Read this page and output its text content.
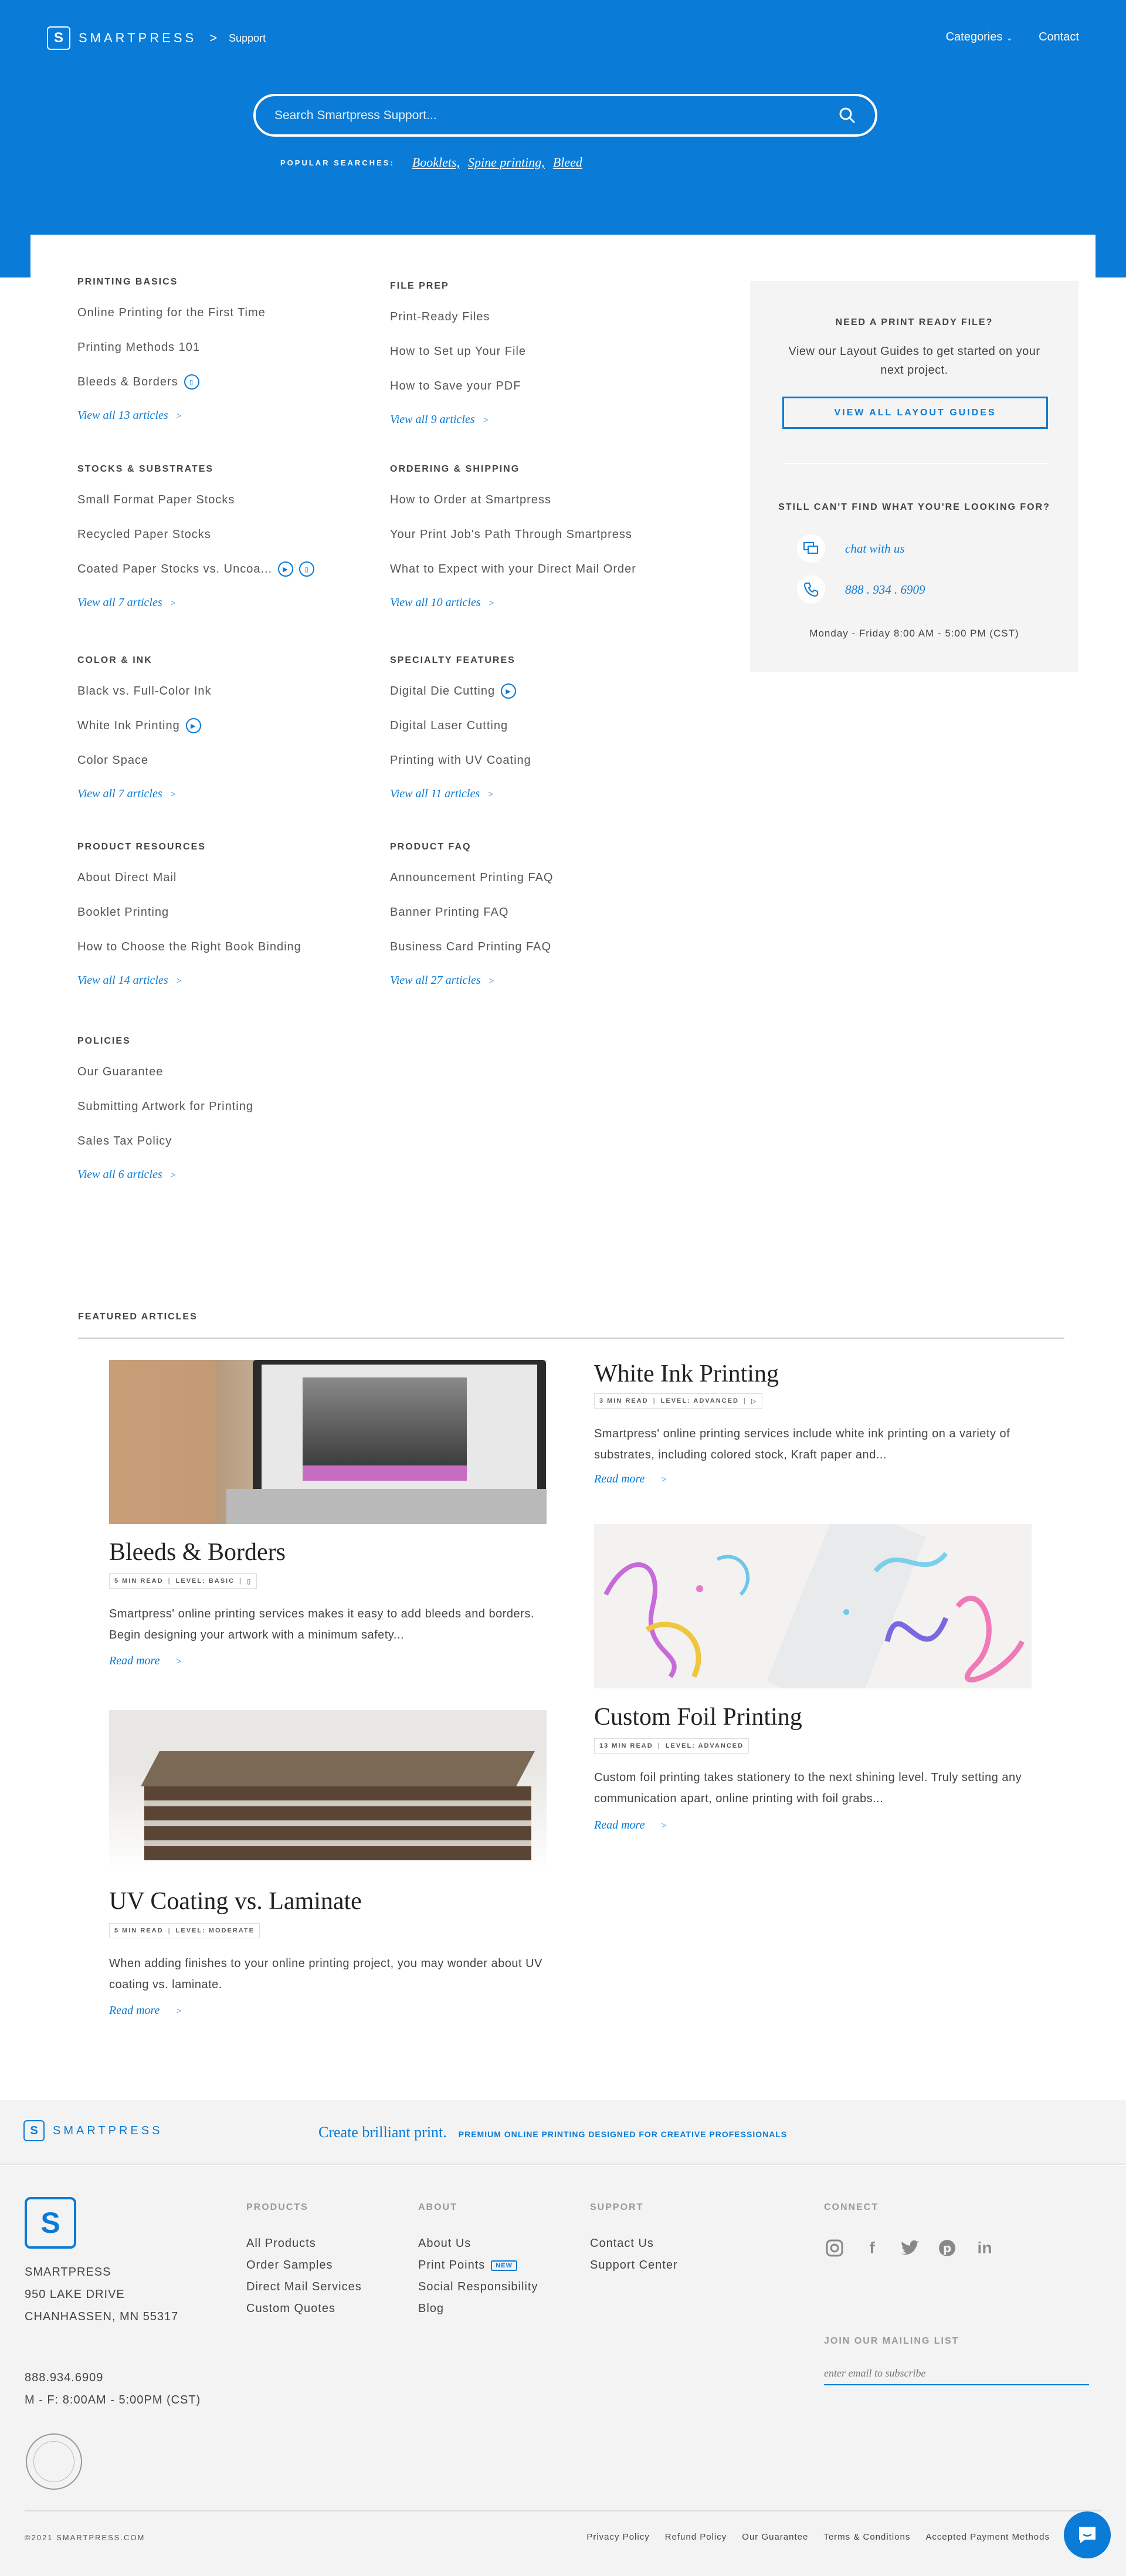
S	SMARTPRESS > Support	Categories ⌄ Contact
Search Smartpress Support...
POPULAR SEARCHES: Booklets, Spine printing, Bleed
PRINTING BASICS
Online Printing for the First Time
Printing Methods 101
Bleeds & Borders	▯
View all 13 articles >
FILE PREP
Print-Ready Files
How to Set up Your File
How to Save your PDF
View all 9 articles >
STOCKS & SUBSTRATES
Small Format Paper Stocks
Recycled Paper Stocks
Coated Paper Stocks vs. Uncoa...	▶	▯
View all 7 articles >
ORDERING & SHIPPING
How to Order at Smartpress
Your Print Job's Path Through Smartpress
What to Expect with your Direct Mail Order
View all 10 articles >
COLOR & INK
Black vs. Full-Color Ink
White Ink Printing	▶
Color Space
View all 7 articles >
SPECIALTY FEATURES
Digital Die Cutting	▶
Digital Laser Cutting
Printing with UV Coating
View all 11 articles >
PRODUCT RESOURCES
About Direct Mail
Booklet Printing
How to Choose the Right Book Binding
View all 14 articles >
PRODUCT FAQ
Announcement Printing FAQ
Banner Printing FAQ
Business Card Printing FAQ
View all 27 articles >
POLICIES
Our Guarantee
Submitting Artwork for Printing
Sales Tax Policy
View all 6 articles >
NEED A PRINT READY FILE?
View our Layout Guides to get started on your next project.
VIEW ALL LAYOUT GUIDES
STILL CAN'T FIND WHAT YOU'RE LOOKING FOR?
chat with us
888 . 934 . 6909
Monday - Friday 8:00 AM - 5:00 PM (CST)
FEATURED ARTICLES
Bleeds & Borders
5 MIN READ | LEVEL: BASIC | ▯
Smartpress' online printing services makes it easy to add bleeds and borders. Begin designing your artwork with a minimum safety...
Read more >
UV Coating vs. Laminate
5 MIN READ | LEVEL: MODERATE
When adding finishes to your online printing project, you may wonder about UV coating vs. laminate.
Read more >
White Ink Printing
3 MIN READ | LEVEL: ADVANCED | ▷
Smartpress' online printing services include white ink printing on a variety of substrates, including colored stock, Kraft paper and...
Read more >
Custom Foil Printing
13 MIN READ | LEVEL: ADVANCED
Custom foil printing takes stationery to the next shining level. Truly setting any communication apart, online printing with foil grabs...
Read more >
S	SMARTPRESS	Create brilliant print. PREMIUM ONLINE PRINTING DESIGNED FOR CREATIVE PROFESSIONALS
S
SMARTPRESS
950 LAKE DRIVE
CHANHASSEN, MN 55317
888.934.6909
M - F: 8:00AM - 5:00PM (CST)
PRODUCTS
All Products
Order Samples
Direct Mail Services
Custom Quotes
ABOUT
About Us
Print Points	NEW
Social Responsibility
Blog
SUPPORT
Contact Us
Support Center
CONNECT
f	p in
JOIN OUR MAILING LIST
enter email to subscribe
©2021 SMARTPRESS.COM	Privacy Policy Refund Policy Our Guarantee Terms & Conditions Accepted Payment Methods
